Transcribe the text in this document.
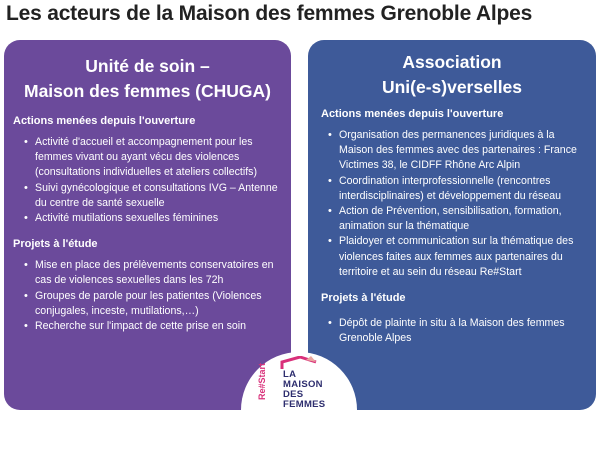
Les acteurs de la Maison des femmes Grenoble Alpes
Unité de soin –
Maison des femmes (CHUGA)
Actions menées depuis l'ouverture
• Activité d'accueil et accompagnement pour les femmes vivant ou ayant vécu des violences (consultations individuelles et ateliers collectifs)
• Suivi gynécologique et consultations IVG – Antenne du centre de santé sexuelle
• Activité mutilations sexuelles féminines
Projets à l'étude
• Mise en place des prélèvements conservatoires en cas de violences sexuelles dans les 72h
• Groupes de parole pour les patientes (Violences conjugales, inceste, mutilations,…)
• Recherche sur l'impact de cette prise en soin
Association
Uni(e-s)verselles
Actions menées depuis l'ouverture
• Organisation des permanences juridiques à la Maison des femmes avec des partenaires : France Victimes 38, le CIDFF Rhône Arc Alpin
• Coordination interprofessionnelle (rencontres interdisciplinaires) et développement du réseau
• Action de Prévention, sensibilisation, formation, animation sur la thématique
• Plaidoyer et communication sur la thématique des violences faites aux femmes aux partenaires du territoire et au sein du réseau Re#Start
Projets à l'étude
• Dépôt de plainte in situ à la Maison des femmes Grenoble Alpes
Re#Start LA
MAISON
DES
FEMMES
